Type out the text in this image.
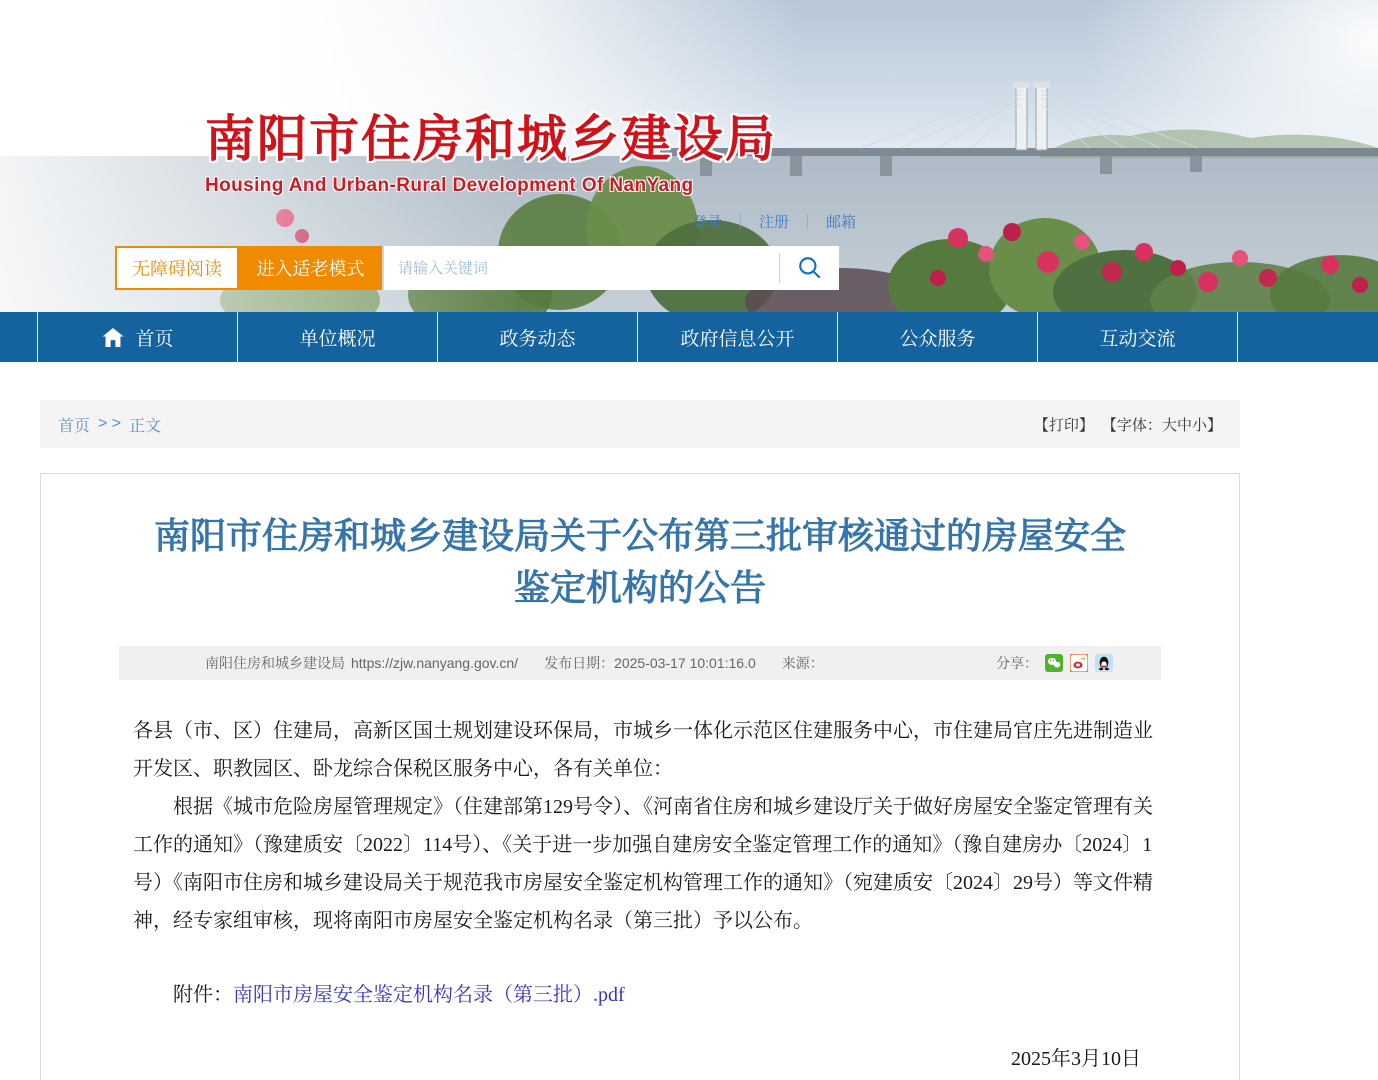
南阳市住房和城乡建设局
Housing And Urban-Rural Development Of NanYang
登录 ｜ 注册 ｜ 邮箱
无障碍阅读	进入适老模式
请输入关键词
首页	单位概况	政务动态	政府信息公开	公众服务	互动交流
首页 > > 正文	【打印】 【字体：大中小】
南阳市住房和城乡建设局关于公布第三批审核通过的房屋安全鉴定机构的公告
南阳住房和城乡建设局 https://zjw.nanyang.gov.cn/ 发布日期： 2025-03-17 10:01:16.0 来源：	分享：

各县（市、区）住建局，高新区国土规划建设环保局，市城乡一体化示范区住建服务中心，市住建局官庄先进制造业开发区、职教园区、卧龙综合保税区服务中心，各有关单位：

根据《城市危险房屋管理规定》（住建部第129号令）、《河南省住房和城乡建设厅关于做好房屋安全鉴定管理有关工作的通知》（豫建质安〔2022〕114号）、《关于进一步加强自建房安全鉴定管理工作的通知》（豫自建房办〔2024〕1号）《南阳市住房和城乡建设局关于规范我市房屋安全鉴定机构管理工作的通知》（宛建质安〔2024〕29号）等文件精神，经专家组审核，现将南阳市房屋安全鉴定机构名录（第三批）予以公布。

附件：南阳市房屋安全鉴定机构名录（第三批）.pdf

2025年3月10日
